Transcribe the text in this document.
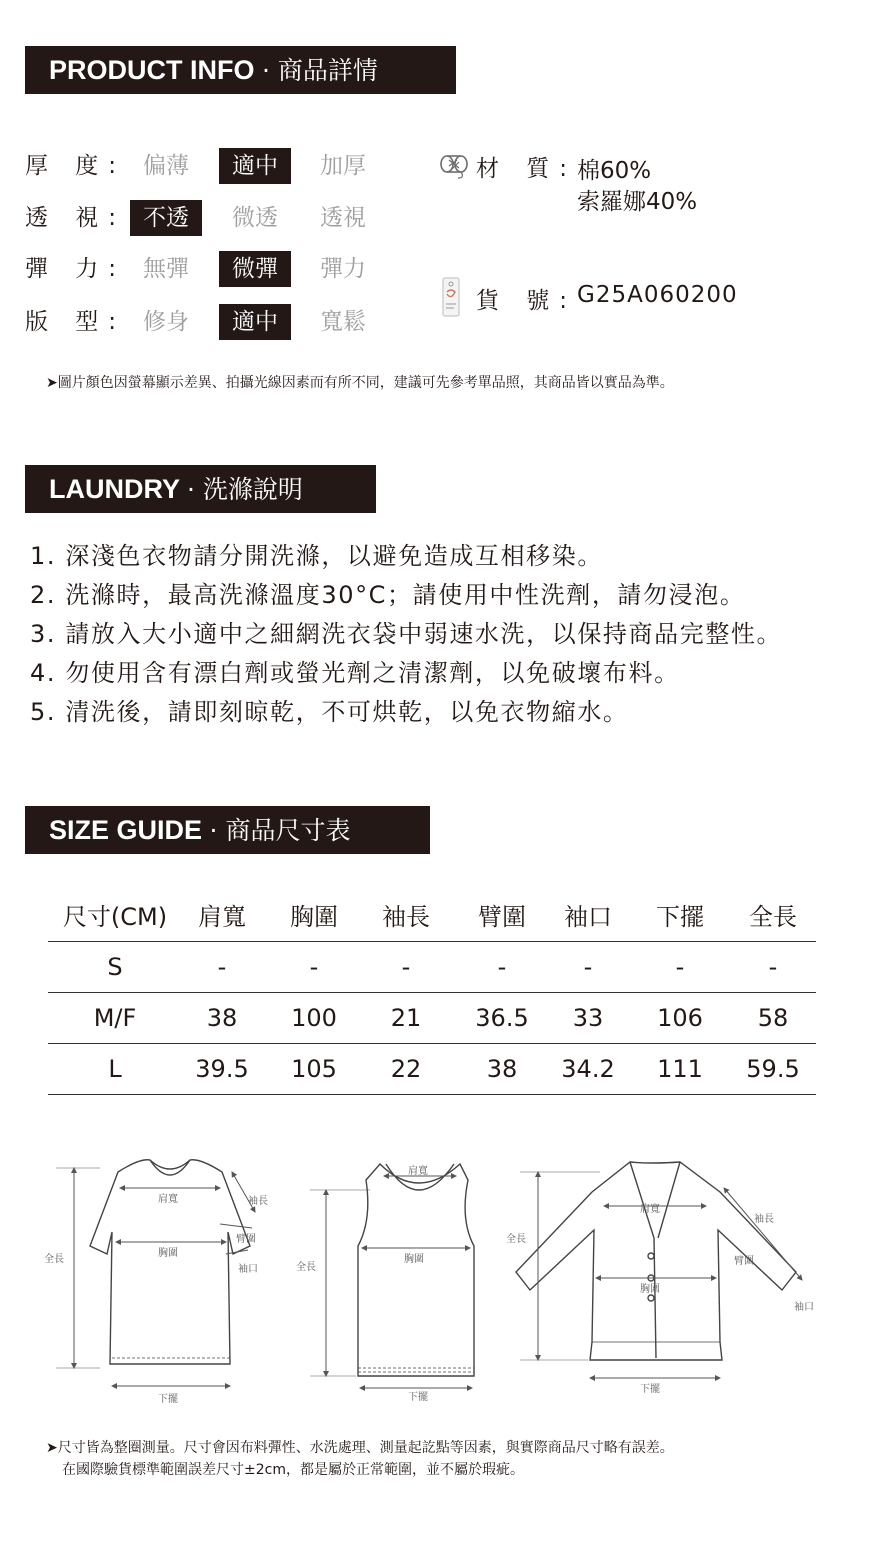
PRODUCT INFO · 商品詳情
厚 度: 偏薄	適中	加厚
透 視: 不透	微透	透視
彈 力: 無彈	微彈	彈力
版 型: 修身	適中	寬鬆
材 質: 棉60%
索羅娜40%
貨 號: G25A060200
➤圖片顏色因螢幕顯示差異、拍攝光線因素而有所不同，建議可先參考單品照，其商品皆以實品為準。
LAUNDRY · 洗滌說明
1. 深淺色衣物請分開洗滌，以避免造成互相移染。
2. 洗滌時，最高洗滌溫度30°C；請使用中性洗劑，請勿浸泡。
3. 請放入大小適中之細網洗衣袋中弱速水洗，以保持商品完整性。
4. 勿使用含有漂白劑或螢光劑之清潔劑，以免破壞布料。
5. 清洗後，請即刻晾乾，不可烘乾，以免衣物縮水。
SIZE GUIDE · 商品尺寸表
尺寸(CM)	肩寬	胸圍	袖長	臂圍	袖口	下擺	全長
S	-	-	-	-	-	-	-
M/F	38	100	21	36.5	33	106	58
L	39.5	105	22	38	34.2	111	59.5
肩寬
胸圍
全長
下擺
袖長
臂圍
袖口
肩寬
胸圍
全長
下擺
肩寬
胸圍
全長
下擺
袖長
臂圍
袖口
➤尺寸皆為整圈測量。尺寸會因布料彈性、水洗處理、測量起訖點等因素，與實際商品尺寸略有誤差。
在國際驗貨標準範圍誤差尺寸±2cm，都是屬於正常範圍，並不屬於瑕疵。
